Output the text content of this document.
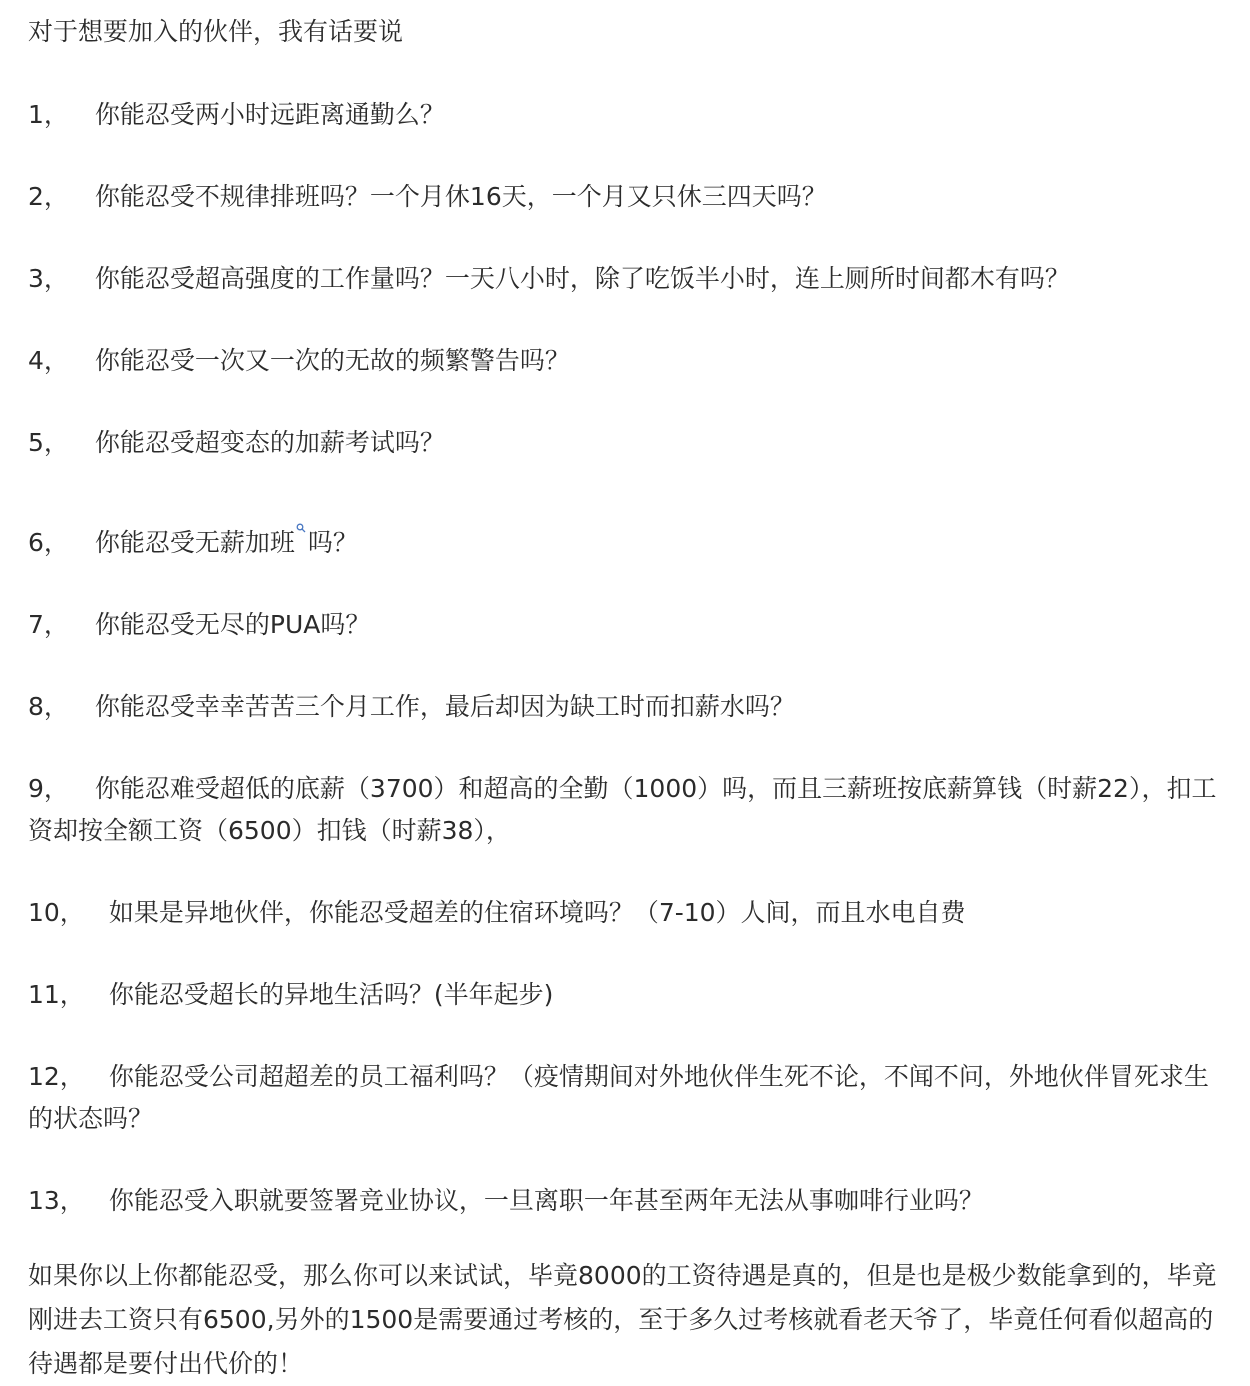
对于想要加入的伙伴，我有话要说

1， 你能忍受两小时远距离通勤么？
2， 你能忍受不规律排班吗？一个月休16天，一个月又只休三四天吗？
3， 你能忍受超高强度的工作量吗？一天八小时，除了吃饭半小时，连上厕所时间都木有吗？
4， 你能忍受一次又一次的无故的频繁警告吗？
5， 你能忍受超变态的加薪考试吗？
6， 你能忍受无薪加班 吗？
7， 你能忍受无尽的PUA吗？
8， 你能忍受幸幸苦苦三个月工作，最后却因为缺工时而扣薪水吗？
9， 你能忍难受超低的底薪（3700）和超高的全勤（1000）吗，而且三薪班按底薪算钱（时薪22），扣工资却按全额工资（6500）扣钱（时薪38），
10， 如果是异地伙伴，你能忍受超差的住宿环境吗？（7-10）人间，而且水电自费
11， 你能忍受超长的异地生活吗？(半年起步)
12， 你能忍受公司超超差的员工福利吗？（疫情期间对外地伙伴生死不论，不闻不问，外地伙伴冒死求生的状态吗？
13， 你能忍受入职就要签署竞业协议，一旦离职一年甚至两年无法从事咖啡行业吗？

如果你以上你都能忍受，那么你可以来试试，毕竟8000的工资待遇是真的，但是也是极少数能拿到的，毕竟刚进去工资只有6500,另外的1500是需要通过考核的，至于多久过考核就看老天爷了，毕竟任何看似超高的待遇都是要付出代价的！
